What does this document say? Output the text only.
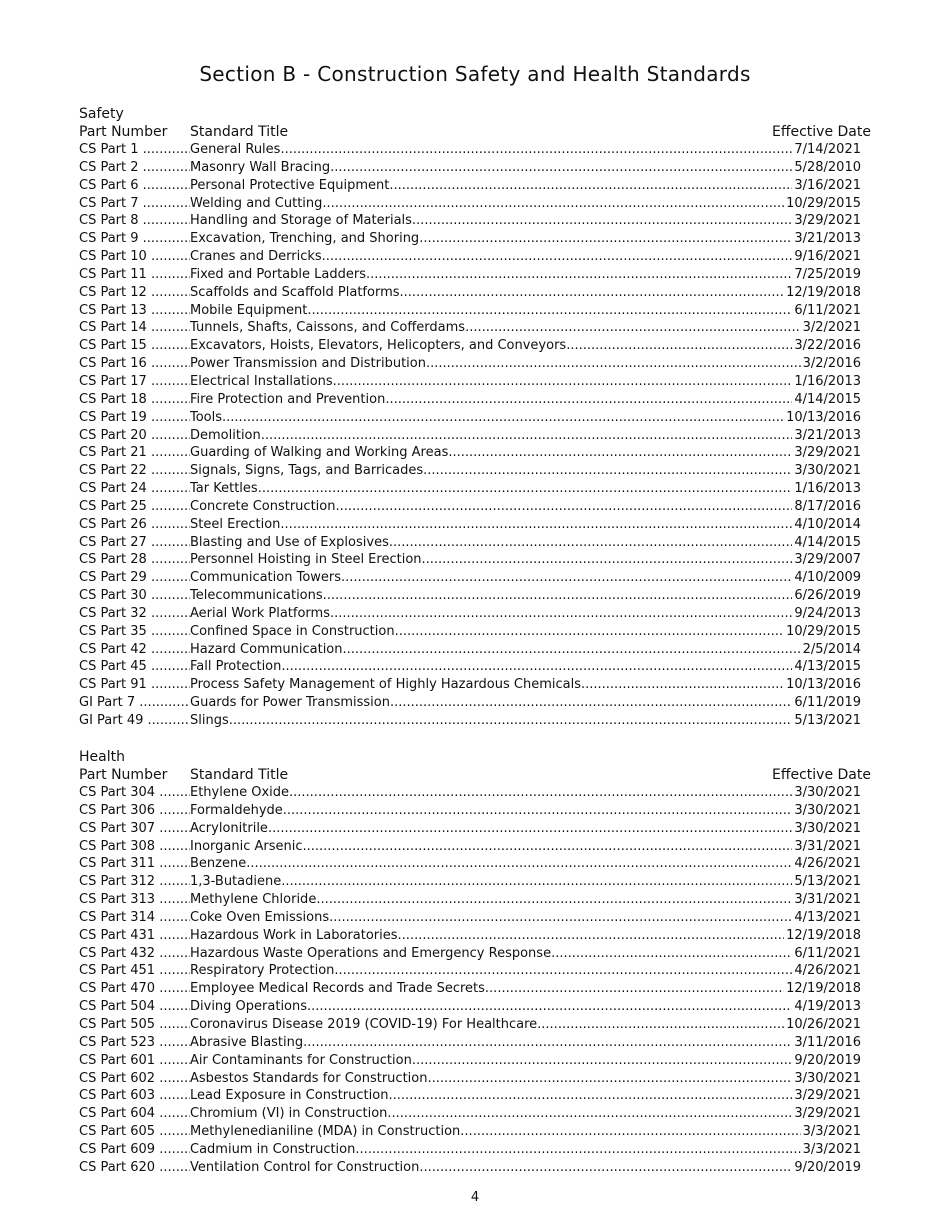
Section B - Construction Safety and Health Standards
Safety
Part Number Standard Title	Effective Date
CS Part 1 .....	General Rules .....	7/14/2021
CS Part 2 .....	Masonry Wall Bracing .....	5/28/2010
CS Part 6 .....	Personal Protective Equipment .....	3/16/2021
CS Part 7 .....	Welding and Cutting .....	10/29/2015
CS Part 8 .....	Handling and Storage of Materials .....	3/29/2021
CS Part 9 .....	Excavation, Trenching, and Shoring .....	3/21/2013
CS Part 10 .....	Cranes and Derricks .....	9/16/2021
CS Part 11 .....	Fixed and Portable Ladders .....	7/25/2019
CS Part 12 .....	Scaffolds and Scaffold Platforms .....	12/19/2018
CS Part 13 .....	Mobile Equipment .....	6/11/2021
CS Part 14 .....	Tunnels, Shafts, Caissons, and Cofferdams .....	3/2/2021
CS Part 15 .....	Excavators, Hoists, Elevators, Helicopters, and Conveyors .....	3/22/2016
CS Part 16 .....	Power Transmission and Distribution .....	3/2/2016
CS Part 17 .....	Electrical Installations .....	1/16/2013
CS Part 18 .....	Fire Protection and Prevention .....	4/14/2015
CS Part 19 .....	Tools .....	10/13/2016
CS Part 20 .....	Demolition .....	3/21/2013
CS Part 21 .....	Guarding of Walking and Working Areas .....	3/29/2021
CS Part 22 .....	Signals, Signs, Tags, and Barricades .....	3/30/2021
CS Part 24 .....	Tar Kettles .....	1/16/2013
CS Part 25 .....	Concrete Construction .....	8/17/2016
CS Part 26 .....	Steel Erection .....	4/10/2014
CS Part 27 .....	Blasting and Use of Explosives .....	4/14/2015
CS Part 28 .....	Personnel Hoisting in Steel Erection .....	3/29/2007
CS Part 29 .....	Communication Towers .....	4/10/2009
CS Part 30 .....	Telecommunications .....	6/26/2019
CS Part 32 .....	Aerial Work Platforms .....	9/24/2013
CS Part 35 .....	Confined Space in Construction .....	10/29/2015
CS Part 42 .....	Hazard Communication .....	2/5/2014
CS Part 45 .....	Fall Protection .....	4/13/2015
CS Part 91 .....	Process Safety Management of Highly Hazardous Chemicals .....	10/13/2016
GI Part 7 .....	Guards for Power Transmission .....	6/11/2019
GI Part 49 .....	Slings .....	5/13/2021
Health
Part Number Standard Title	Effective Date
CS Part 304 .....	Ethylene Oxide .....	3/30/2021
CS Part 306 .....	Formaldehyde .....	3/30/2021
CS Part 307 .....	Acrylonitrile .....	3/30/2021
CS Part 308 .....	Inorganic Arsenic .....	3/31/2021
CS Part 311 .....	Benzene .....	4/26/2021
CS Part 312 .....	1,3-Butadiene .....	5/13/2021
CS Part 313 .....	Methylene Chloride .....	3/31/2021
CS Part 314 .....	Coke Oven Emissions .....	4/13/2021
CS Part 431 .....	Hazardous Work in Laboratories .....	12/19/2018
CS Part 432 .....	Hazardous Waste Operations and Emergency Response .....	6/11/2021
CS Part 451 .....	Respiratory Protection .....	4/26/2021
CS Part 470 .....	Employee Medical Records and Trade Secrets .....	12/19/2018
CS Part 504 .....	Diving Operations .....	4/19/2013
CS Part 505 .....	Coronavirus Disease 2019 (COVID-19) For Healthcare .....	10/26/2021
CS Part 523 .....	Abrasive Blasting .....	3/11/2016
CS Part 601 .....	Air Contaminants for Construction .....	9/20/2019
CS Part 602 .....	Asbestos Standards for Construction .....	3/30/2021
CS Part 603 .....	Lead Exposure in Construction .....	3/29/2021
CS Part 604 .....	Chromium (VI) in Construction .....	3/29/2021
CS Part 605 .....	Methylenedianiline (MDA) in Construction .....	3/3/2021
CS Part 609 .....	Cadmium in Construction .....	3/3/2021
CS Part 620 .....	Ventilation Control for Construction .....	9/20/2019
4
